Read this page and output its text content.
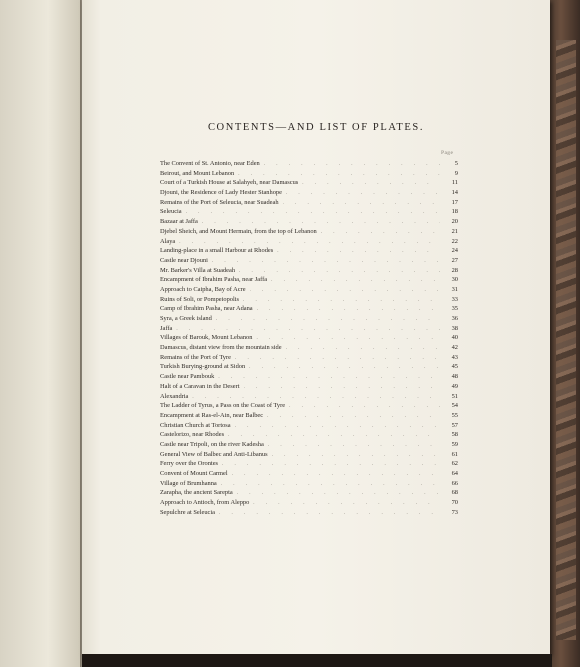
CONTENTS—AND LIST OF PLATES.
Page
The Convent of St. Antonio, near Eden . . .	5
Beirout, and Mount Lebanon . . .	9
Court of a Turkish House at Salahyeh, near Damascus . . .	11
Djouni, the Residence of Lady Hester Stanhope . . .	14
Remains of the Port of Seleucia, near Suadeah . . .	17
Seleucia . . .	18
Bazaar at Jaffa . . .	20
Djebel Sheich, and Mount Hermain, from the top of Lebanon . . .	21
Alaya . . .	22
Landing-place in a small Harbour at Rhodes . . .	24
Castle near Djouni . . .	27
Mr. Barker's Villa at Suadeah . . .	28
Encampment of Ibrahim Pasha, near Jaffa . . .	30
Approach to Caipha, Bay of Acre . . .	31
Ruins of Soli, or Pompeiopolis . . .	33
Camp of Ibrahim Pasha, near Adana . . .	35
Syra, a Greek island . . .	36
Jaffa . . .	38
Villages of Barouk, Mount Lebanon . . .	40
Damascus, distant view from the mountain side . . .	42
Remains of the Port of Tyre . . .	43
Turkish Burying-ground at Sidon . . .	45
Castle near Pambouk . . .	48
Halt of a Caravan in the Desert . . .	49
Alexandria . . .	51
The Ladder of Tyrus, a Pass on the Coast of Tyre . . .	54
Encampment at Ras-el-Ain, near Balbec . . .	55
Christian Church at Tortosa . . .	57
Castelorizo, near Rhodes . . .	58
Castle near Tripoli, on the river Kadesha . . .	59
General View of Balbec and Anti-Libanus . . .	61
Ferry over the Orontes . . .	62
Convent of Mount Carmel . . .	64
Village of Brumhanna . . .	66
Zarapha, the ancient Sarepta . . .	68
Approach to Antioch, from Aleppo . . .	70
Sepulchre at Seleucia . . .	73
